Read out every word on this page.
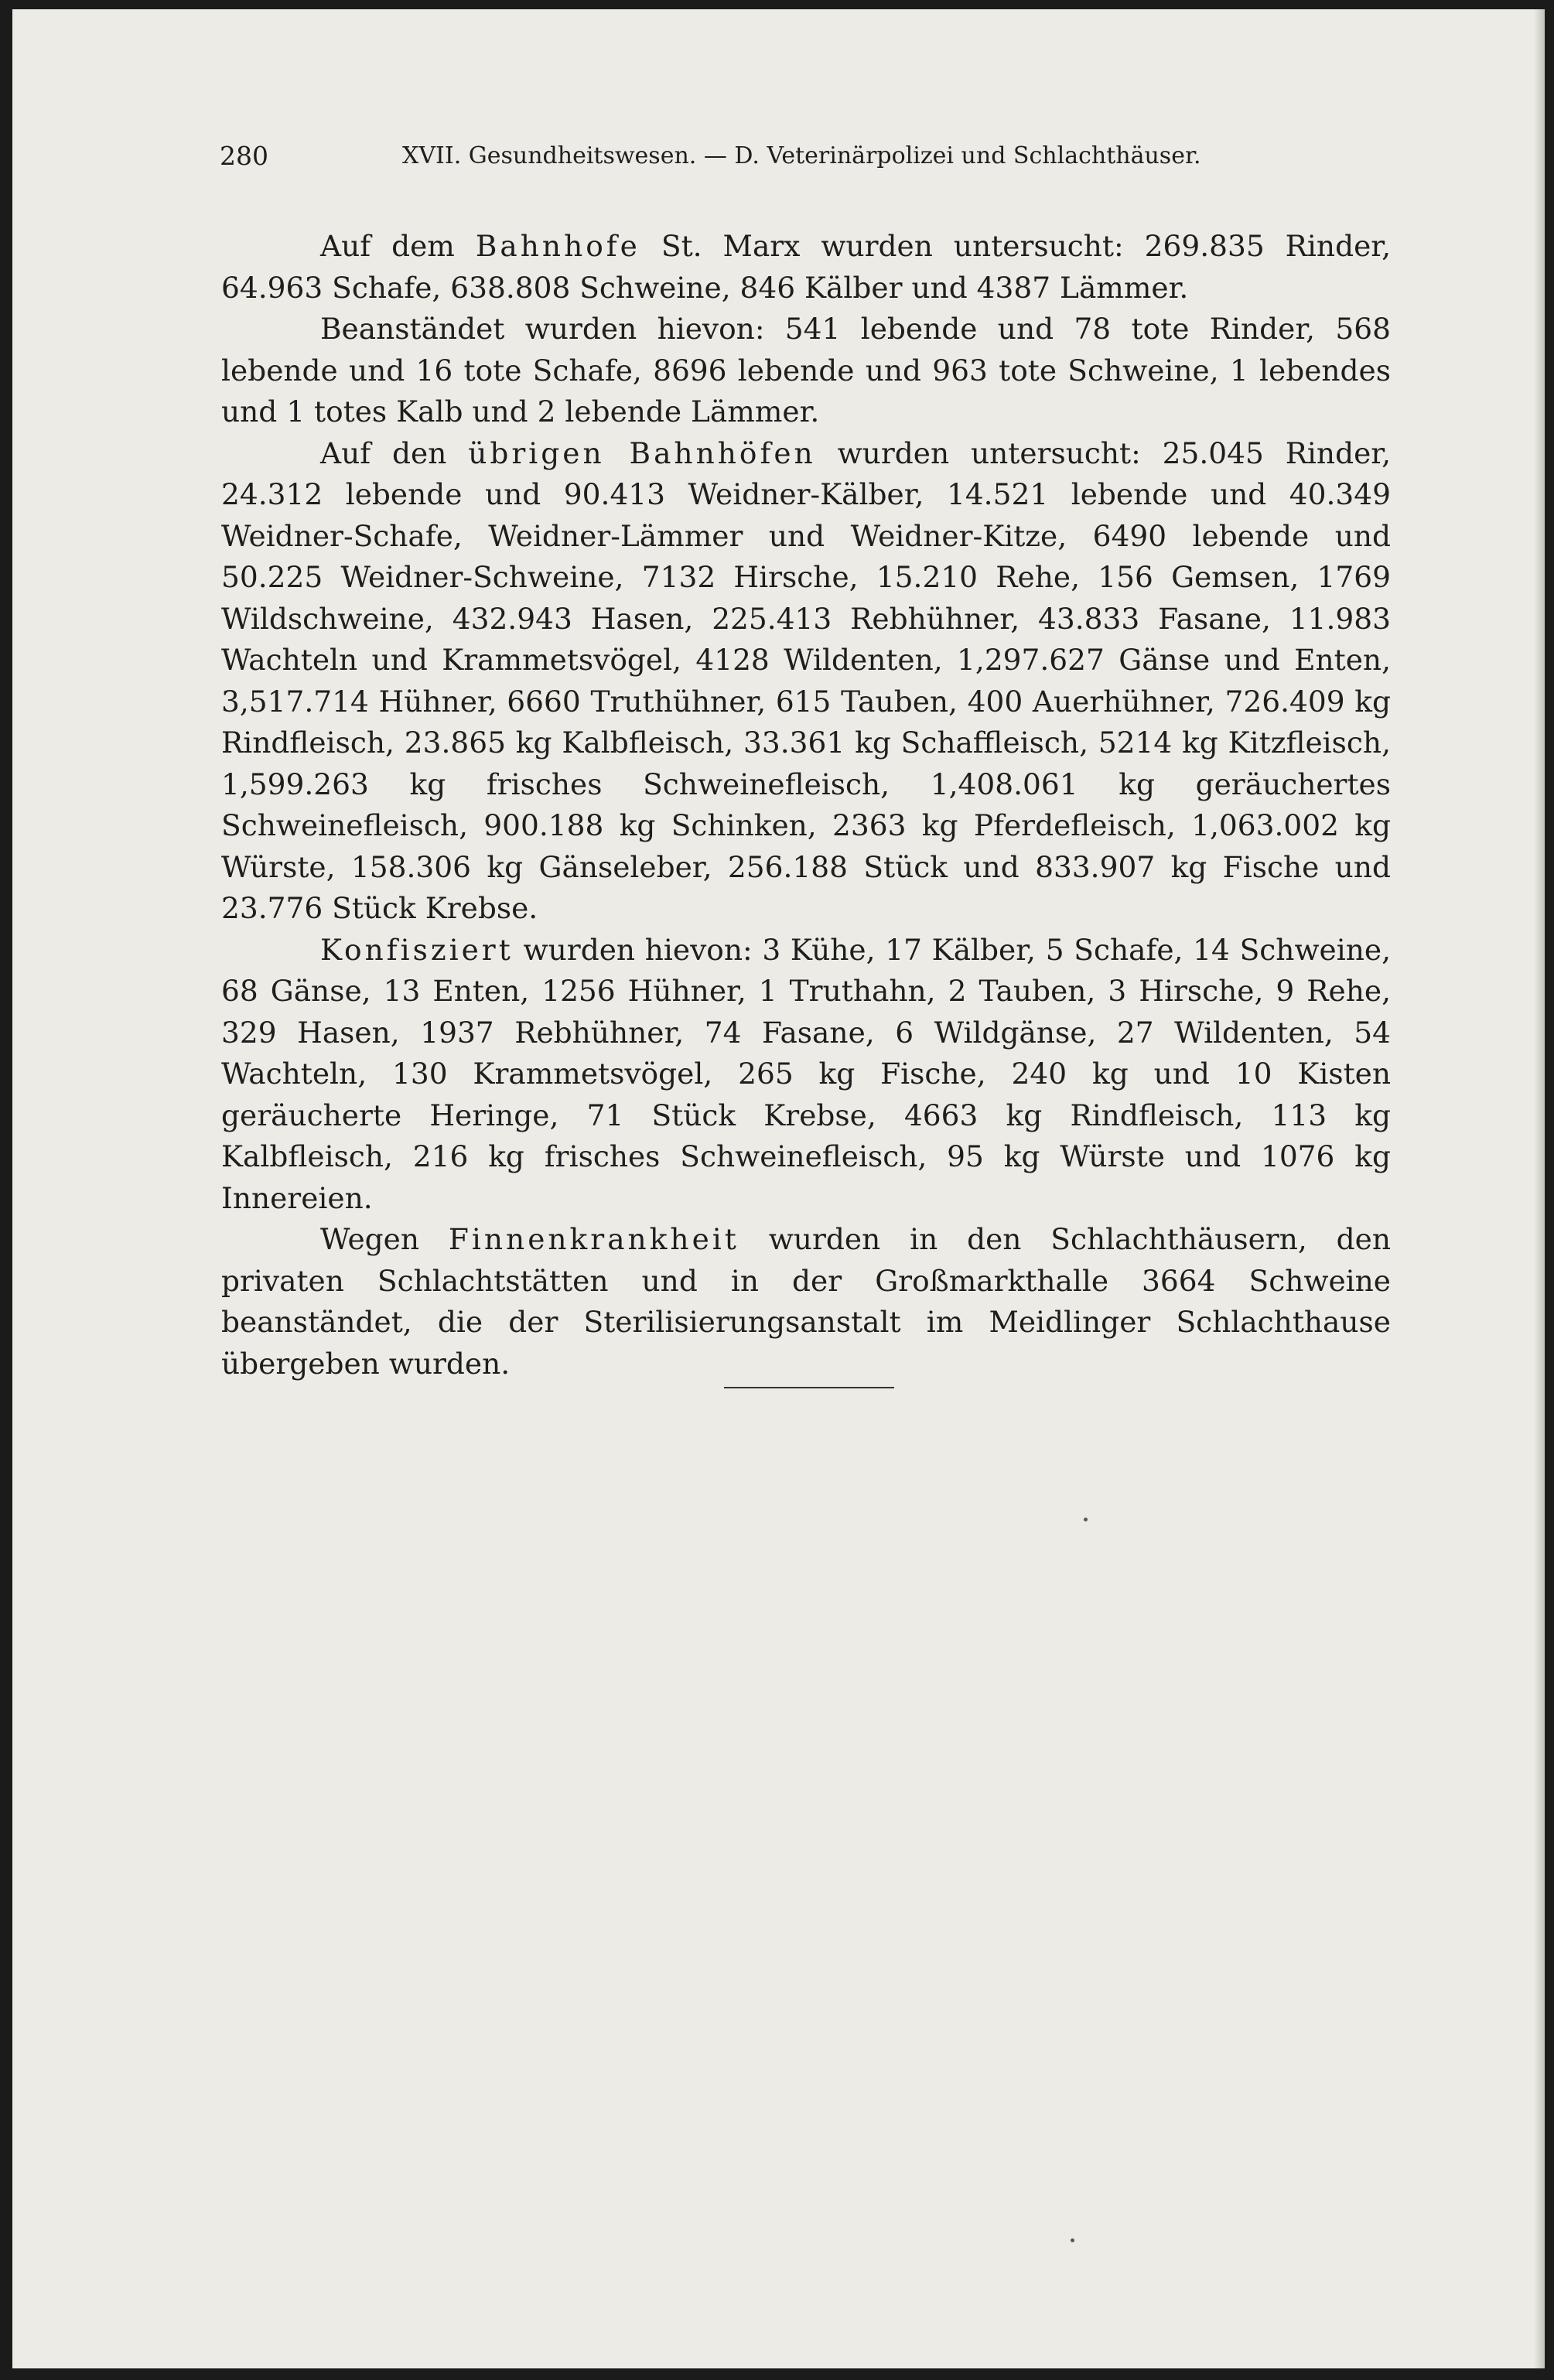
280	XVII. Gesundheitswesen. — D. Veterinärpolizei und Schlachthäuser.

Auf dem Bahnhofe St. Marx wurden untersucht: 269.835 Rinder, 64.963 Schafe, 638.808 Schweine, 846 Kälber und 4387 Lämmer.

Beanständet wurden hievon: 541 lebende und 78 tote Rinder, 568 lebende und 16 tote Schafe, 8696 lebende und 963 tote Schweine, 1 lebendes und 1 totes Kalb und 2 lebende Lämmer.

Auf den übrigen Bahnhöfen wurden untersucht: 25.045 Rinder, 24.312 lebende und 90.413 Weidner-Kälber, 14.521 lebende und 40.349 Weidner-Schafe, Weidner-Lämmer und Weidner-Kitze, 6490 lebende und 50.225 Weidner-Schweine, 7132 Hirsche, 15.210 Rehe, 156 Gemsen, 1769 Wildschweine, 432.943 Hasen, 225.413 Rebhühner, 43.833 Fasane, 11.983 Wachteln und Krammetsvögel, 4128 Wildenten, 1,297.627 Gänse und Enten, 3,517.714 Hühner, 6660 Truthühner, 615 Tauben, 400 Auerhühner, 726.409 kg Rindfleisch, 23.865 kg Kalbfleisch, 33.361 kg Schaffleisch, 5214 kg Kitzfleisch, 1,599.263 kg frisches Schweinefleisch, 1,408.061 kg geräuchertes Schweinefleisch, 900.188 kg Schinken, 2363 kg Pferdefleisch, 1,063.002 kg Würste, 158.306 kg Gänseleber, 256.188 Stück und 833.907 kg Fische und 23.776 Stück Krebse.

Konfisziert wurden hievon: 3 Kühe, 17 Kälber, 5 Schafe, 14 Schweine, 68 Gänse, 13 Enten, 1256 Hühner, 1 Truthahn, 2 Tauben, 3 Hirsche, 9 Rehe, 329 Hasen, 1937 Rebhühner, 74 Fasane, 6 Wildgänse, 27 Wildenten, 54 Wachteln, 130 Krammetsvögel, 265 kg Fische, 240 kg und 10 Kisten geräucherte Heringe, 71 Stück Krebse, 4663 kg Rindfleisch, 113 kg Kalbfleisch, 216 kg frisches Schweinefleisch, 95 kg Würste und 1076 kg Innereien.

Wegen Finnenkrankheit wurden in den Schlachthäusern, den privaten Schlachtstätten und in der Großmarkthalle 3664 Schweine beanständet, die der Sterilisierungsanstalt im Meidlinger Schlachthause übergeben wurden.
